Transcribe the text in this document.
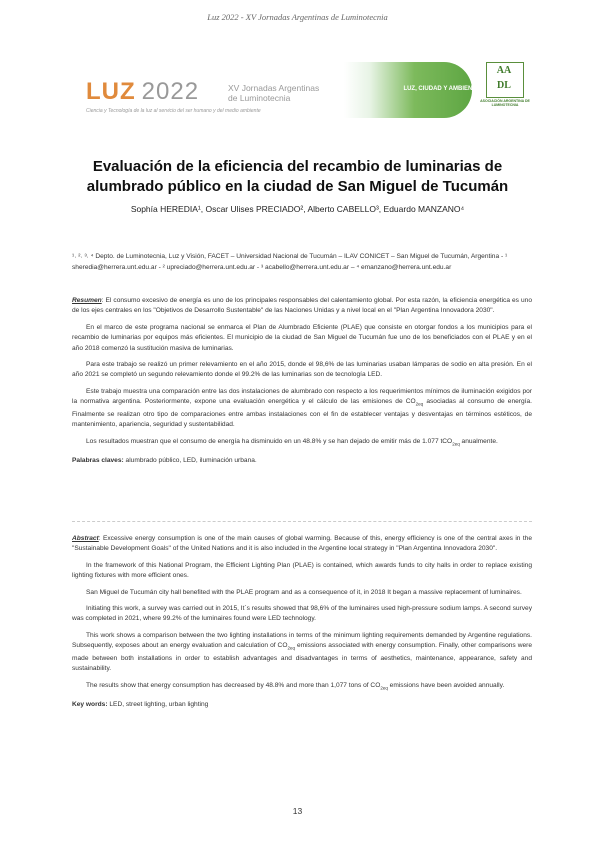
Luz 2022 - XV Jornadas Argentinas de Luminotecnia
LUZ 2022	XV Jornadas Argentinas
de Luminotecnia
Ciencia y Tecnología de la luz al servicio del ser humano y del medio ambiente
LUZ, CIUDAD Y AMBIENTE
AA
DL
ASOCIACIÓN ARGENTINA DE LUMINOTECNIA
Evaluación de la eficiencia del recambio de luminarias de
alumbrado público en la ciudad de San Miguel de Tucumán
Sophía HEREDIA¹, Oscar Ulises PRECIADO², Alberto CABELLO³, Eduardo MANZANO⁴
¹˒ ²˒ ³˒ ⁴ Depto. de Luminotecnia, Luz y Visión, FACET – Universidad Nacional de Tucumán – ILAV CONICET – San Miguel de Tucumán, Argentina - ¹ sheredia@herrera.unt.edu.ar - ² upreciado@herrera.unt.edu.ar - ³ acabello@herrera.unt.edu.ar – ⁴ emanzano@herrera.unt.edu.ar

Resumen: El consumo excesivo de energía es uno de los principales responsables del calentamiento global. Por esta razón, la eficiencia energética es uno de los ejes centrales en los "Objetivos de Desarrollo Sustentable" de las Naciones Unidas y a nivel local en el "Plan Argentina Innovadora 2030".

En el marco de este programa nacional se enmarca el Plan de Alumbrado Eficiente (PLAE) que consiste en otorgar fondos a los municipios para el recambio de luminarias por equipos más eficientes. El municipio de la ciudad de San Miguel de Tucumán fue uno de los beneficiados con el PLAE y en el año 2018 comenzó la sustitución masiva de luminarias.

Para este trabajo se realizó un primer relevamiento en el año 2015, donde el 98,6% de las luminarias usaban lámparas de sodio en alta presión. En el año 2021 se completó un segundo relevamiento donde el 99.2% de las luminarias son de tecnología LED.

Este trabajo muestra una comparación entre las dos instalaciones de alumbrado con respecto a los requerimientos mínimos de iluminación exigidos por la normativa argentina. Posteriormente, expone una evaluación energética y el cálculo de las emisiones de $CO_{2eq}$ asociadas al consumo de energía. Finalmente se realizan otro tipo de comparaciones entre ambas instalaciones con el fin de establecer ventajas y desventajas en términos estéticos, de mantenimiento, apariencia, seguridad y sustentabilidad.

Los resultados muestran que el consumo de energía ha disminuido en un 48.8% y se han dejado de emitir más de 1.077 tCO$_{2eq}$ anualmente.

Palabras claves: alumbrado público, LED, iluminación urbana.

Abstract: Excessive energy consumption is one of the main causes of global warming. Because of this, energy efficiency is one of the central axes in the "Sustainable Development Goals" of the United Nations and it is also included in the Argentine local strategy in "Plan Argentina Innovadora 2030".

In the framework of this National Program, the Efficient Lighting Plan (PLAE) is contained, which awards funds to city halls in order to replace existing lighting fixtures with more efficient ones.

San Miguel de Tucumán city hall benefited with the PLAE program and as a consequence of it, in 2018 It began a massive replacement of luminaires.

Initiating this work, a survey was carried out in 2015, It´s results showed that 98,6% of the luminaires used high-pressure sodium lamps. A second survey was completed in 2021, where 99.2% of the luminaires found were LED technology.

This work shows a comparison between the two lighting installations in terms of the minimum lighting requirements demanded by Argentine regulations. Subsequently, exposes about an energy evaluation and calculation of $CO_{2eq}$ emissions associated with energy consumption. Finally, other comparisons were made between both installations in order to establish advantages and disadvantages in terms of aesthetics, maintenance, appearance, safety and sustainability.

The results show that energy consumption has decreased by 48.8% and more than 1,077 tons of $CO_{2eq}$ emissions have been avoided annually.

Key words: LED, street lighting, urban lighting

13
